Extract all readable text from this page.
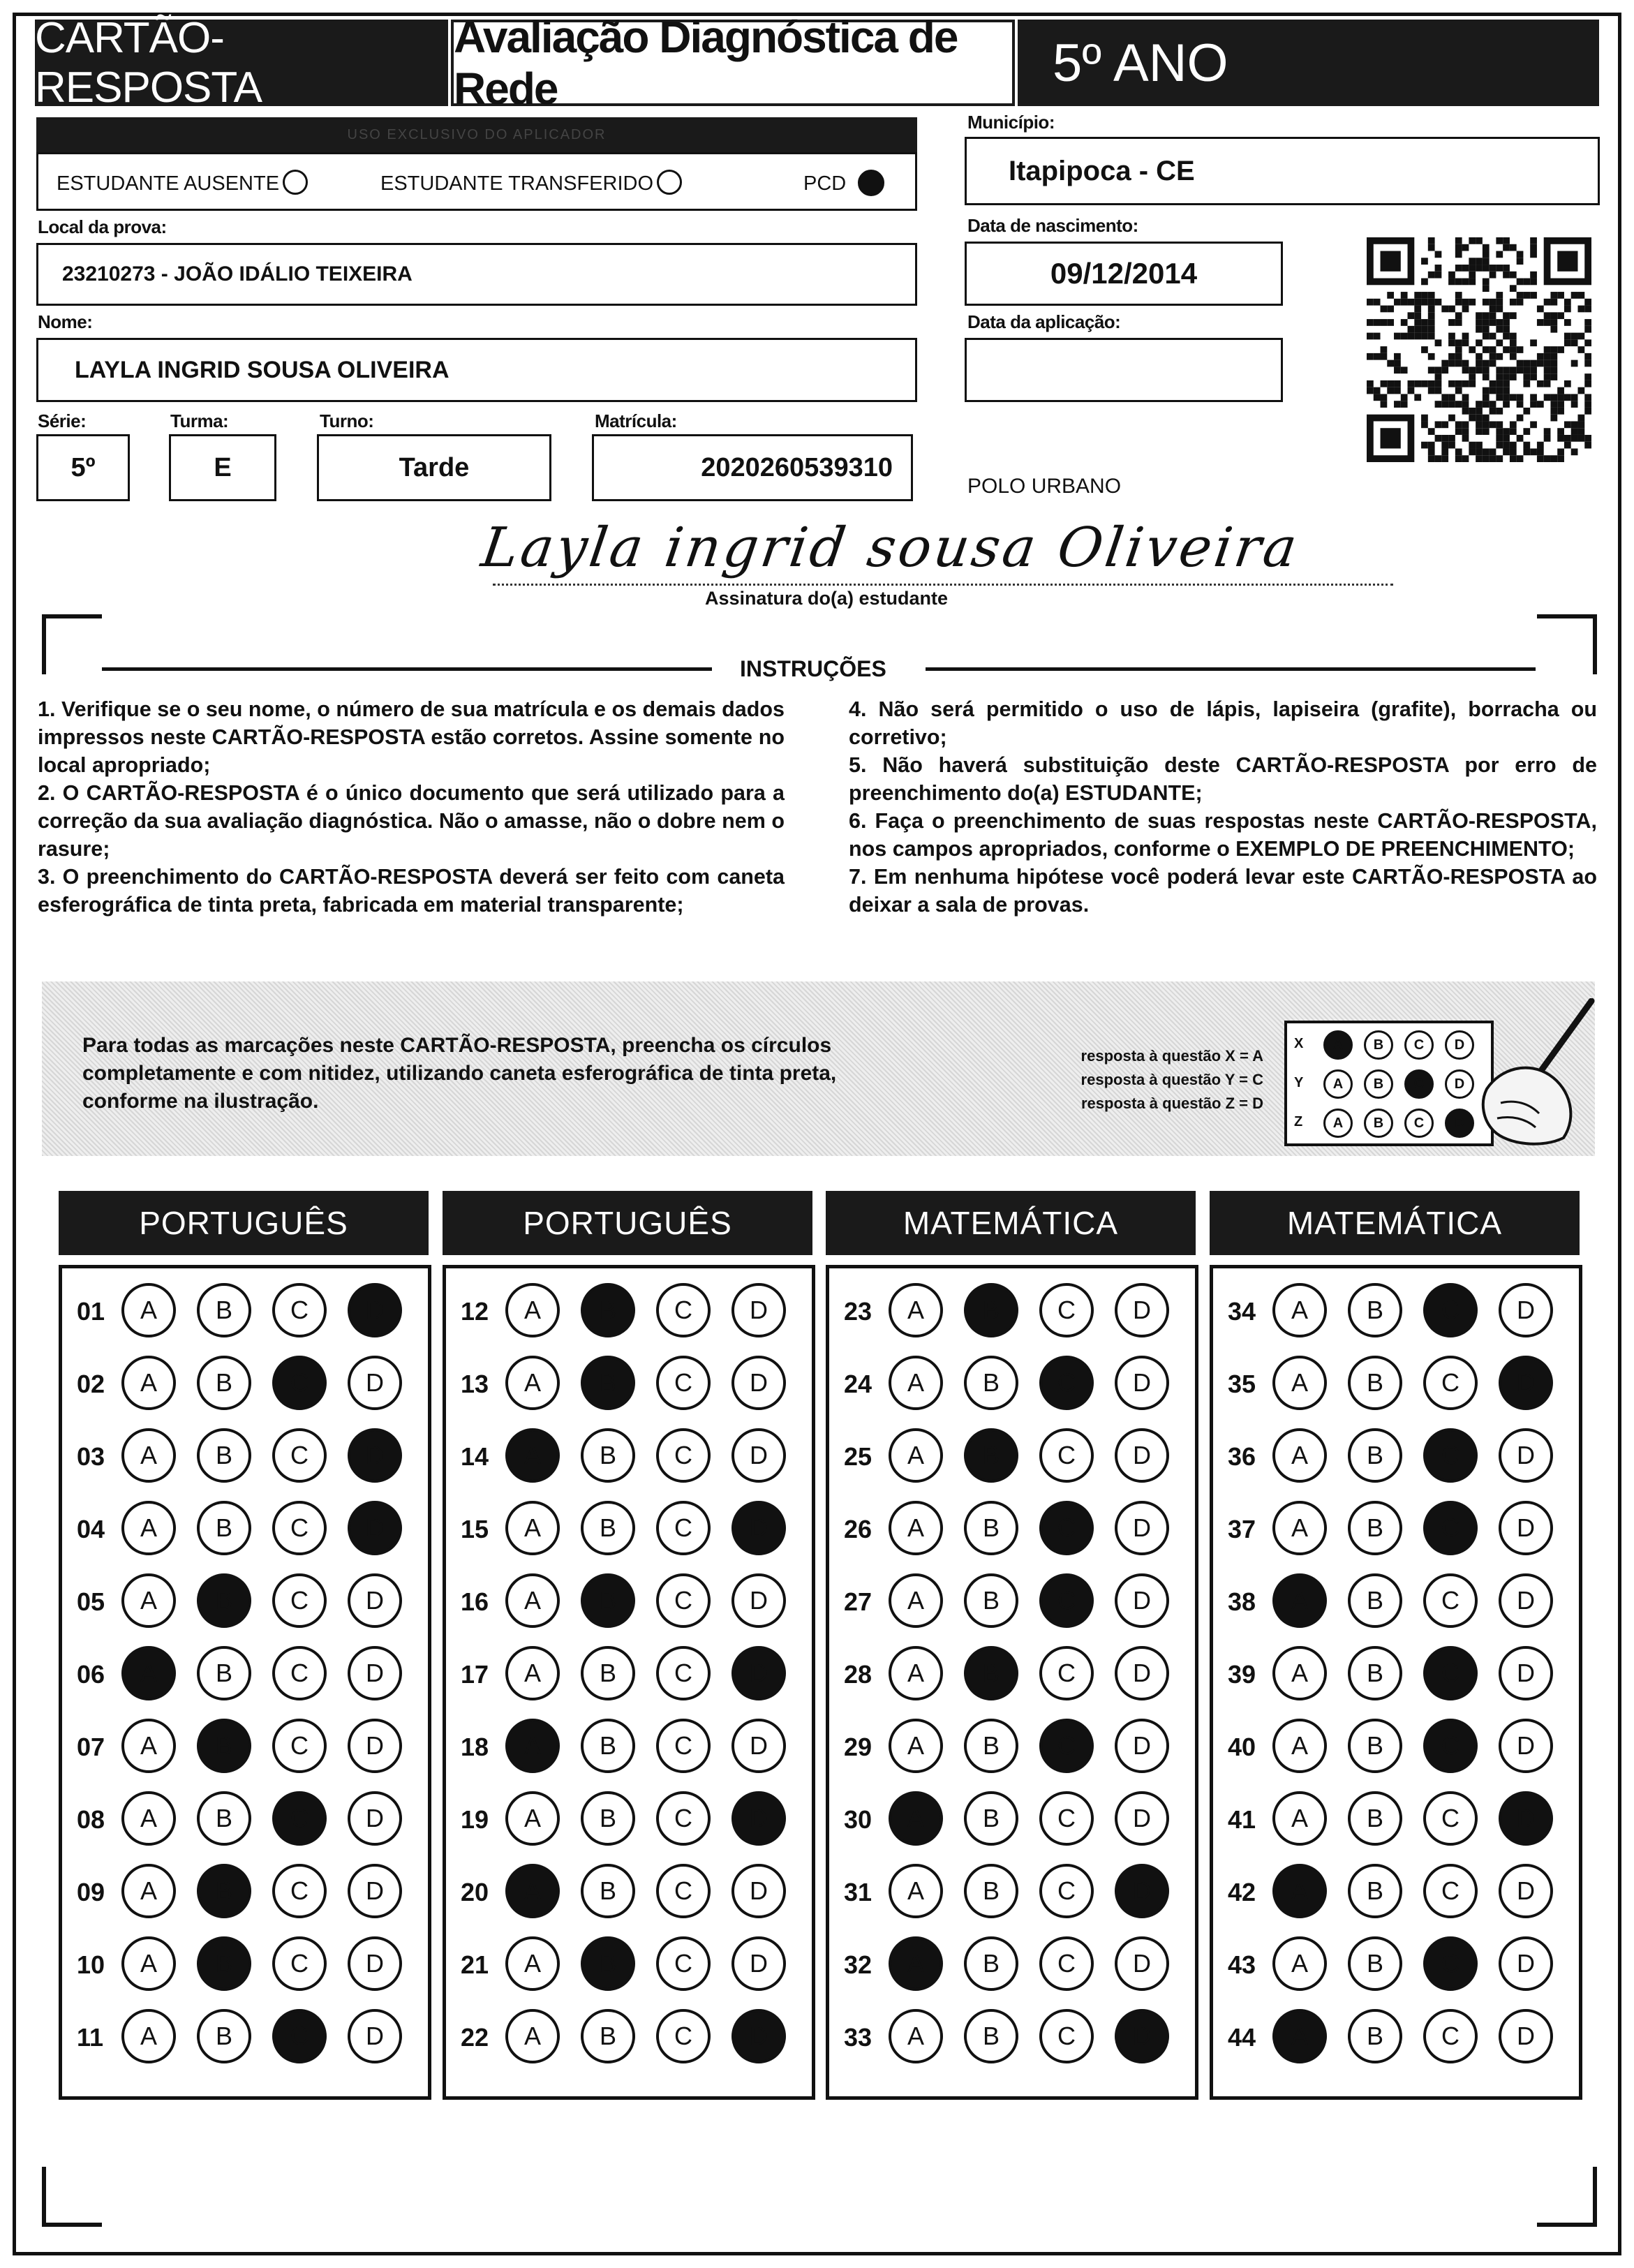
CARTÃO-RESPOSTA
Avaliação Diagnóstica de Rede	5º ANO
USO EXCLUSIVO DO APLICADOR
ESTUDANTE AUSENTE	ESTUDANTE TRANSFERIDO	PCD
Local da prova:
23210273 - JOÃO IDÁLIO TEIXEIRA
Nome:
LAYLA INGRID SOUSA OLIVEIRA
Série:
5º
Turma:
E
Turno:
Tarde
Matrícula:
2020260539310
Município:
Itapipoca - CE
Data de nascimento:
09/12/2014
Data da aplicação:
POLO URBANO
Layla ingrid sousa Oliveira
Assinatura do(a) estudante
INSTRUÇÕES

1. Verifique se o seu nome, o número de sua matrícula e os demais dados impressos neste CARTÃO-RESPOSTA estão corretos. Assine somente no local apropriado;

2. O CARTÃO-RESPOSTA é o único documento que será utilizado para a correção da sua avaliação diagnóstica. Não o amasse, não o dobre nem o rasure;

3. O preenchimento do CARTÃO-RESPOSTA deverá ser feito com caneta esferográfica de tinta preta, fabricada em material transparente;

4. Não será permitido o uso de lápis, lapiseira (grafite), borracha ou corretivo;

5. Não haverá substituição deste CARTÃO-RESPOSTA por erro de preenchimento do(a) ESTUDANTE;

6. Faça o preenchimento de suas respostas neste CARTÃO-RESPOSTA, nos campos apropriados, conforme o EXEMPLO DE PREENCHIMENTO;

7. Em nenhuma hipótese você poderá levar este CARTÃO-RESPOSTA ao deixar a sala de provas.

Para todas as marcações neste CARTÃO-RESPOSTA, preencha os círculos completamente e com nitidez, utilizando caneta esferográfica de tinta preta, conforme na ilustração.
resposta à questão X = A
resposta à questão Y = C
resposta à questão Z = D
X	A	B	C	D
Y	A	B	C	D
Z	A	B	C	D
PORTUGUÊS
01	A	B	C	D
02	A	B	C	D
03	A	B	C	D
04	A	B	C	D
05	A	B	C	D
06	A	B	C	D
07	A	B	C	D
08	A	B	C	D
09	A	B	C	D
10	A	B	C	D
11	A	B	C	D
PORTUGUÊS
12	A	B	C	D
13	A	B	C	D
14	A	B	C	D
15	A	B	C	D
16	A	B	C	D
17	A	B	C	D
18	A	B	C	D
19	A	B	C	D
20	A	B	C	D
21	A	B	C	D
22	A	B	C	D
MATEMÁTICA
23	A	B	C	D
24	A	B	C	D
25	A	B	C	D
26	A	B	C	D
27	A	B	C	D
28	A	B	C	D
29	A	B	C	D
30	A	B	C	D
31	A	B	C	D
32	A	B	C	D
33	A	B	C	D
MATEMÁTICA
34	A	B	C	D
35	A	B	C	D
36	A	B	C	D
37	A	B	C	D
38	A	B	C	D
39	A	B	C	D
40	A	B	C	D
41	A	B	C	D
42	A	B	C	D
43	A	B	C	D
44	A	B	C	D
